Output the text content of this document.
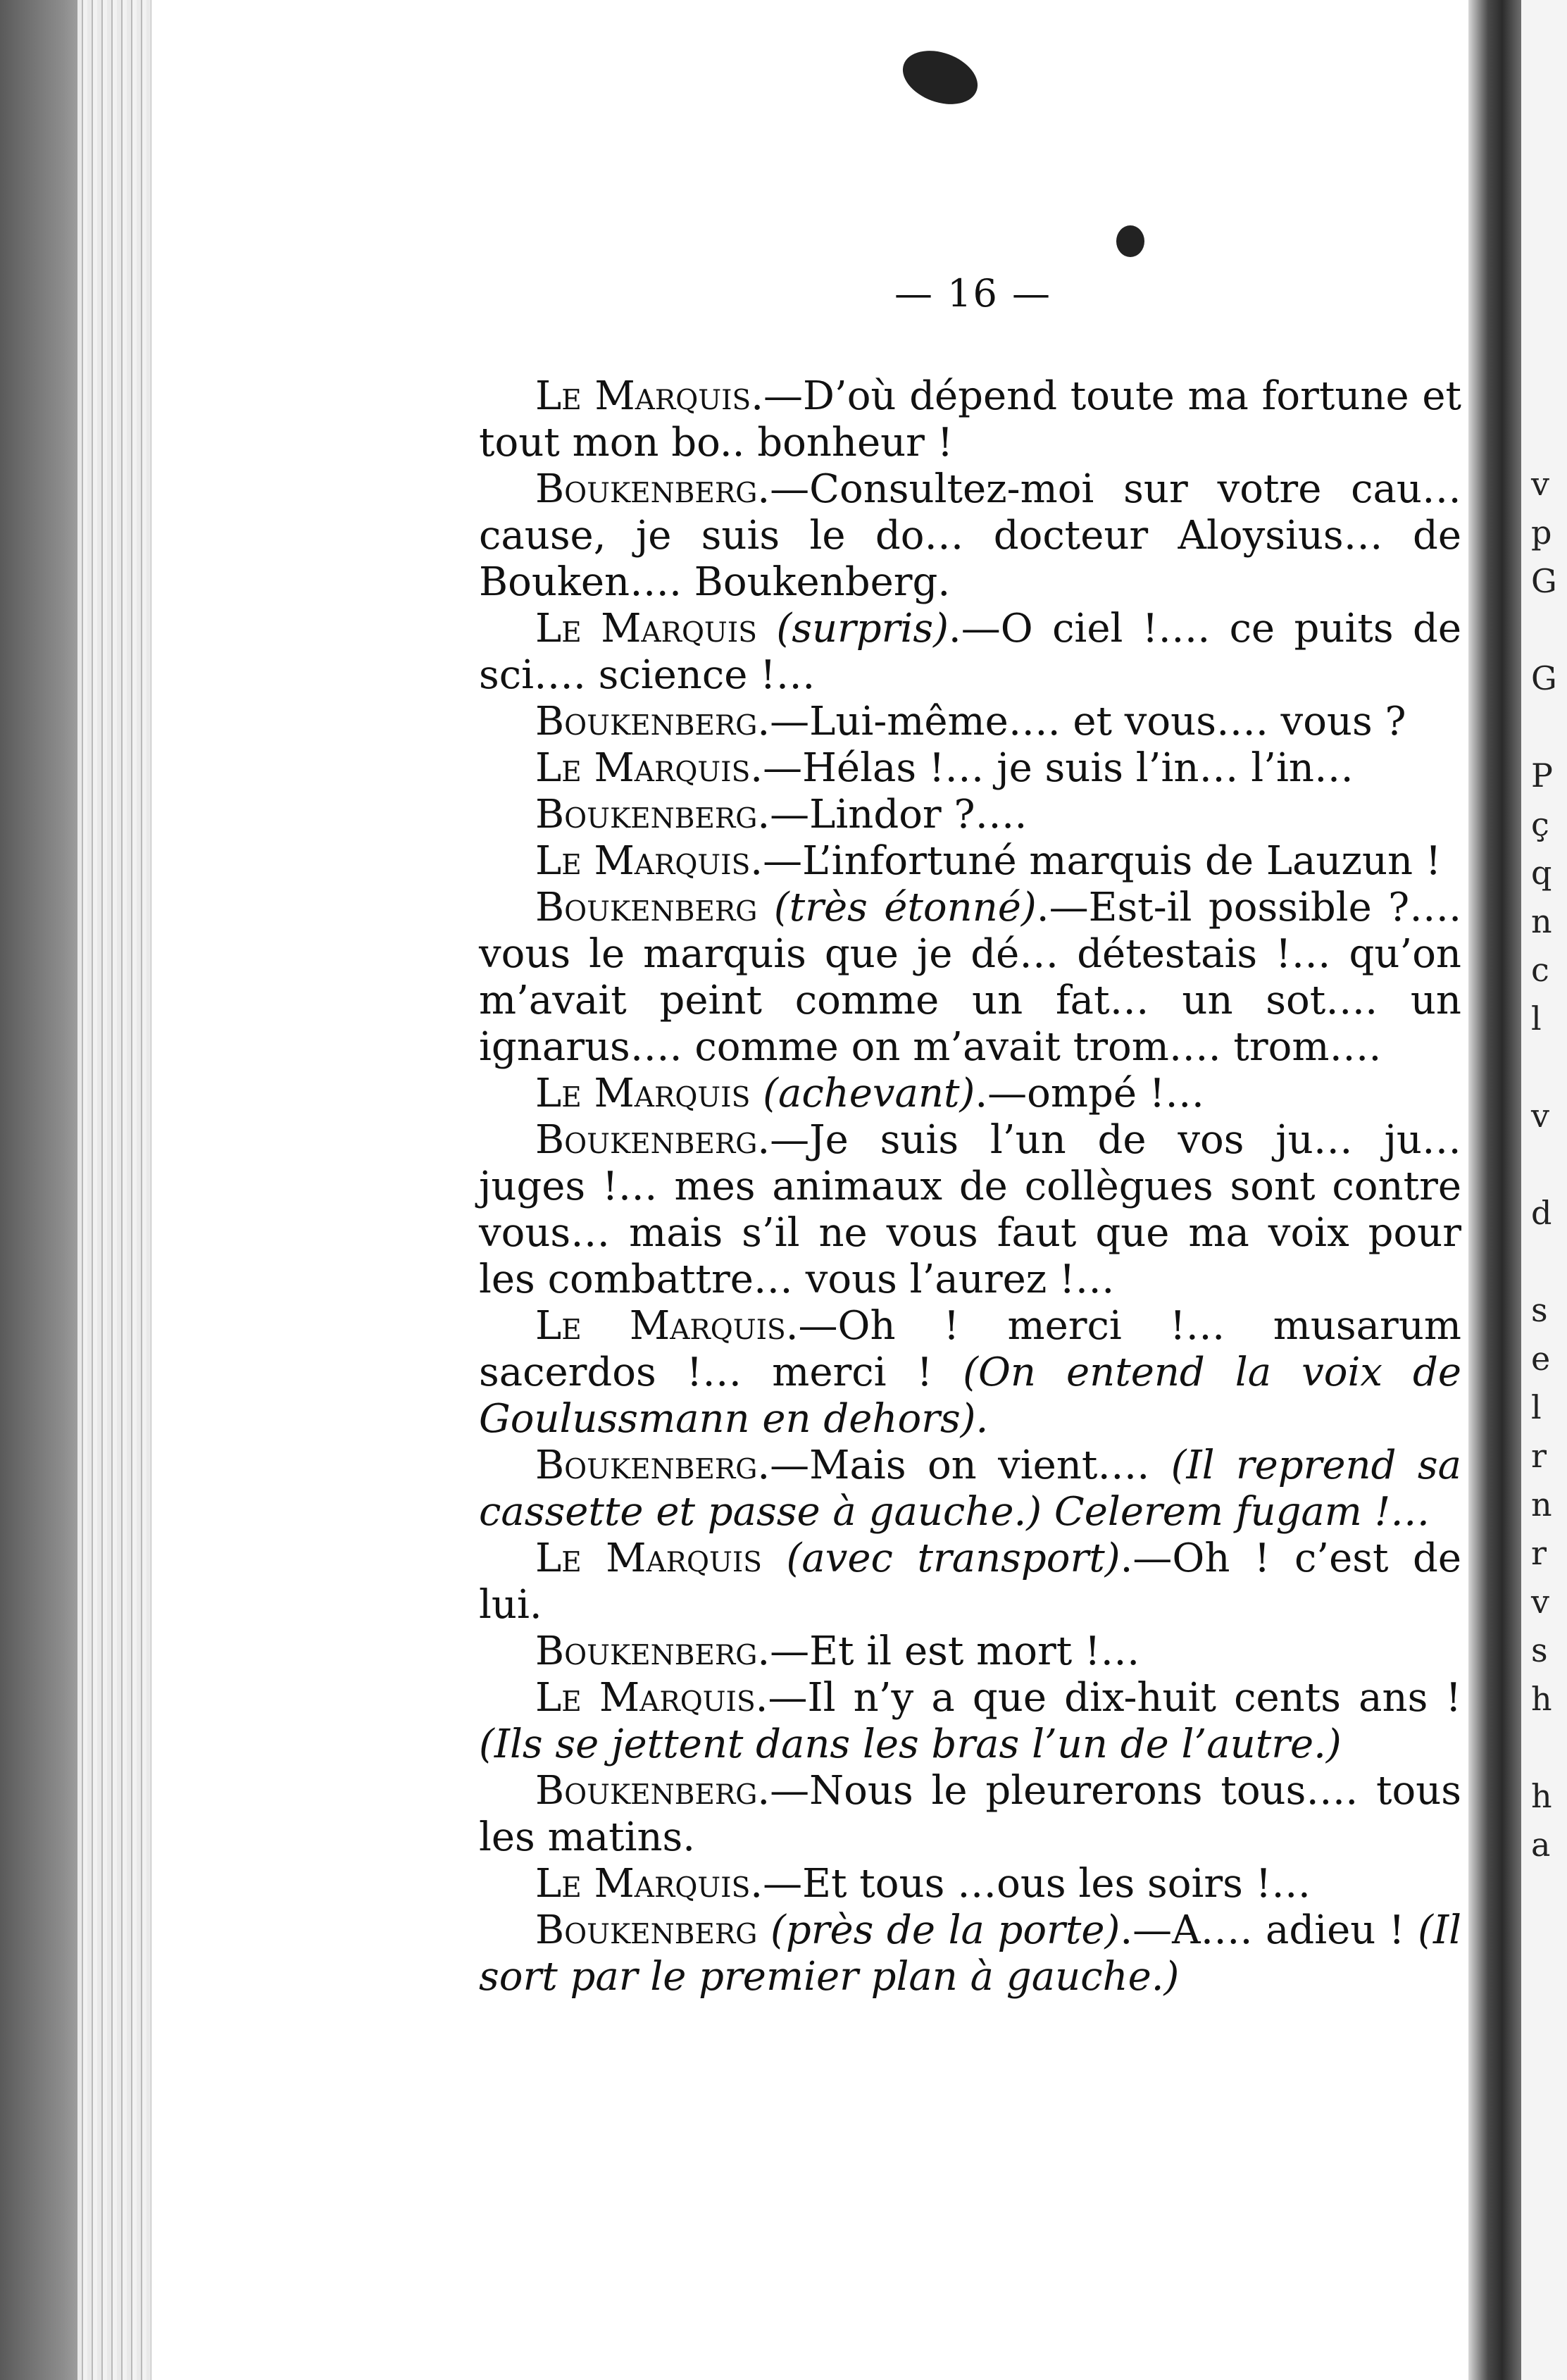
v
p
G
G
P
ç
q
n
c
l
v
d
s
e
l
r
n
r
v
s
h
h
a
— 16 —

Le Marquis.—D’où dépend toute ma fortune et tout mon bo.. bonheur !

Boukenberg.—Consultez-moi sur votre cau… cause, je suis le do… docteur Aloysius… de Bouken…. Boukenberg.

Le Marquis (surpris).—O ciel !…. ce puits de sci…. science !…

Boukenberg.—Lui-même…. et vous…. vous ?

Le Marquis.—Hélas !… je suis l’in… l’in…

Boukenberg.—Lindor ?….

Le Marquis.—L’infortuné marquis de Lauzun !

Boukenberg (très étonné).—Est-il possible ?…. vous le marquis que je dé… détestais !… qu’on m’avait peint comme un fat… un sot…. un ignarus…. comme on m’avait trom…. trom….

Le Marquis (achevant).—ompé !…

Boukenberg.—Je suis l’un de vos ju… ju… juges !… mes animaux de collègues sont contre vous… mais s’il ne vous faut que ma voix pour les combattre… vous l’aurez !…

Le Marquis.—Oh ! merci !… musarum sacerdos !… merci ! (On entend la voix de Goulussmann en dehors).

Boukenberg.—Mais on vient…. (Il reprend sa cassette et passe à gauche.) Celerem fugam !…

Le Marquis (avec transport).—Oh ! c’est de lui.

Boukenberg.—Et il est mort !…

Le Marquis.—Il n’y a que dix-huit cents ans ! (Ils se jettent dans les bras l’un de l’autre.)

Boukenberg.—Nous le pleurerons tous…. tous les matins.

Le Marquis.—Et tous …ous les soirs !…

Boukenberg (près de la porte).—A…. adieu ! (Il sort par le premier plan à gauche.)
